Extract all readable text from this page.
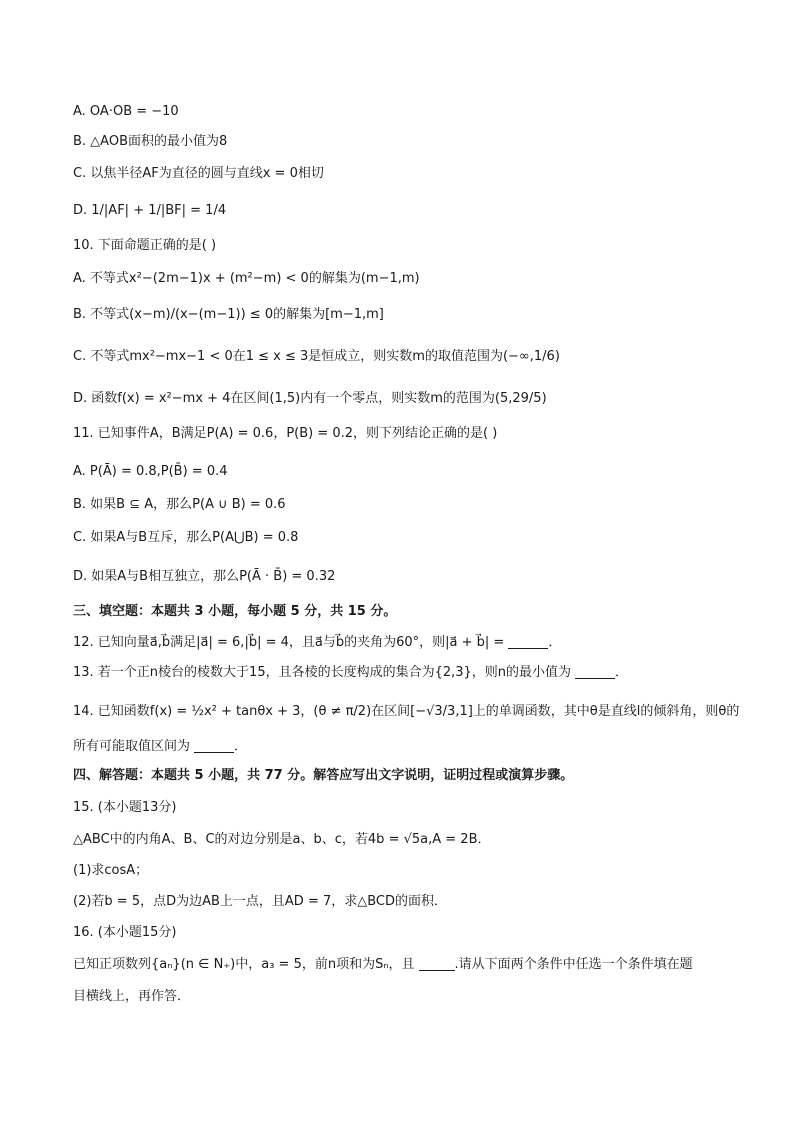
A. OA·OB = −10
B. △AOB面积的最小值为8
C. 以焦半径AF为直径的圆与直线x = 0相切
D. 1/|AF| + 1/|BF| = 1/4
10. 下面命题正确的是( )
A. 不等式x²−(2m−1)x + (m²−m) < 0的解集为(m−1,m)
B. 不等式(x−m)/(x−(m−1)) ≤ 0的解集为[m−1,m]
C. 不等式mx²−mx−1 < 0在1 ≤ x ≤ 3是恒成立，则实数m的取值范围为(−∞,1/6)
D. 函数f(x) = x²−mx + 4在区间(1,5)内有一个零点，则实数m的范围为(5,29/5)
11. 已知事件A，B满足P(A) = 0.6，P(B) = 0.2，则下列结论正确的是( )
A. P(Ā) = 0.8,P(B̄) = 0.4
B. 如果B ⊆ A，那么P(A ∪ B) = 0.6
C. 如果A与B互斥，那么P(A⋃B) = 0.8
D. 如果A与B相互独立，那么P(Ā · B̄) = 0.32
三、填空题：本题共 3 小题，每小题 5 分，共 15 分。
12. 已知向量a⃗,b⃗满足|a⃗| = 6,|b⃗| = 4，且a⃗与b⃗的夹角为60°，则|a⃗ + b⃗| =	．
13. 若一个正n棱台的棱数大于15，且各棱的长度构成的集合为{2,3}，则n的最小值为	．
14. 已知函数f(x) = ½x² + tanθx + 3，(θ ≠ π/2)在区间[−√3/3,1]上的单调函数，其中θ是直线l的倾斜角，则θ的
所有可能取值区间为	．
四、解答题：本题共 5 小题，共 77 分。解答应写出文字说明，证明过程或演算步骤。
15. (本小题13分)
△ABC中的内角A、B、C的对边分别是a、b、c，若4b = √5a,A = 2B．
(1)求cosA；
(2)若b = 5，点D为边AB上一点，且AD = 7，求△BCD的面积．
16. (本小题15分)
已知正项数列{aₙ}(n ∈ N₊)中，a₃ = 5，前n项和为Sₙ，且	.请从下面两个条件中任选一个条件填在题
目横线上，再作答．
